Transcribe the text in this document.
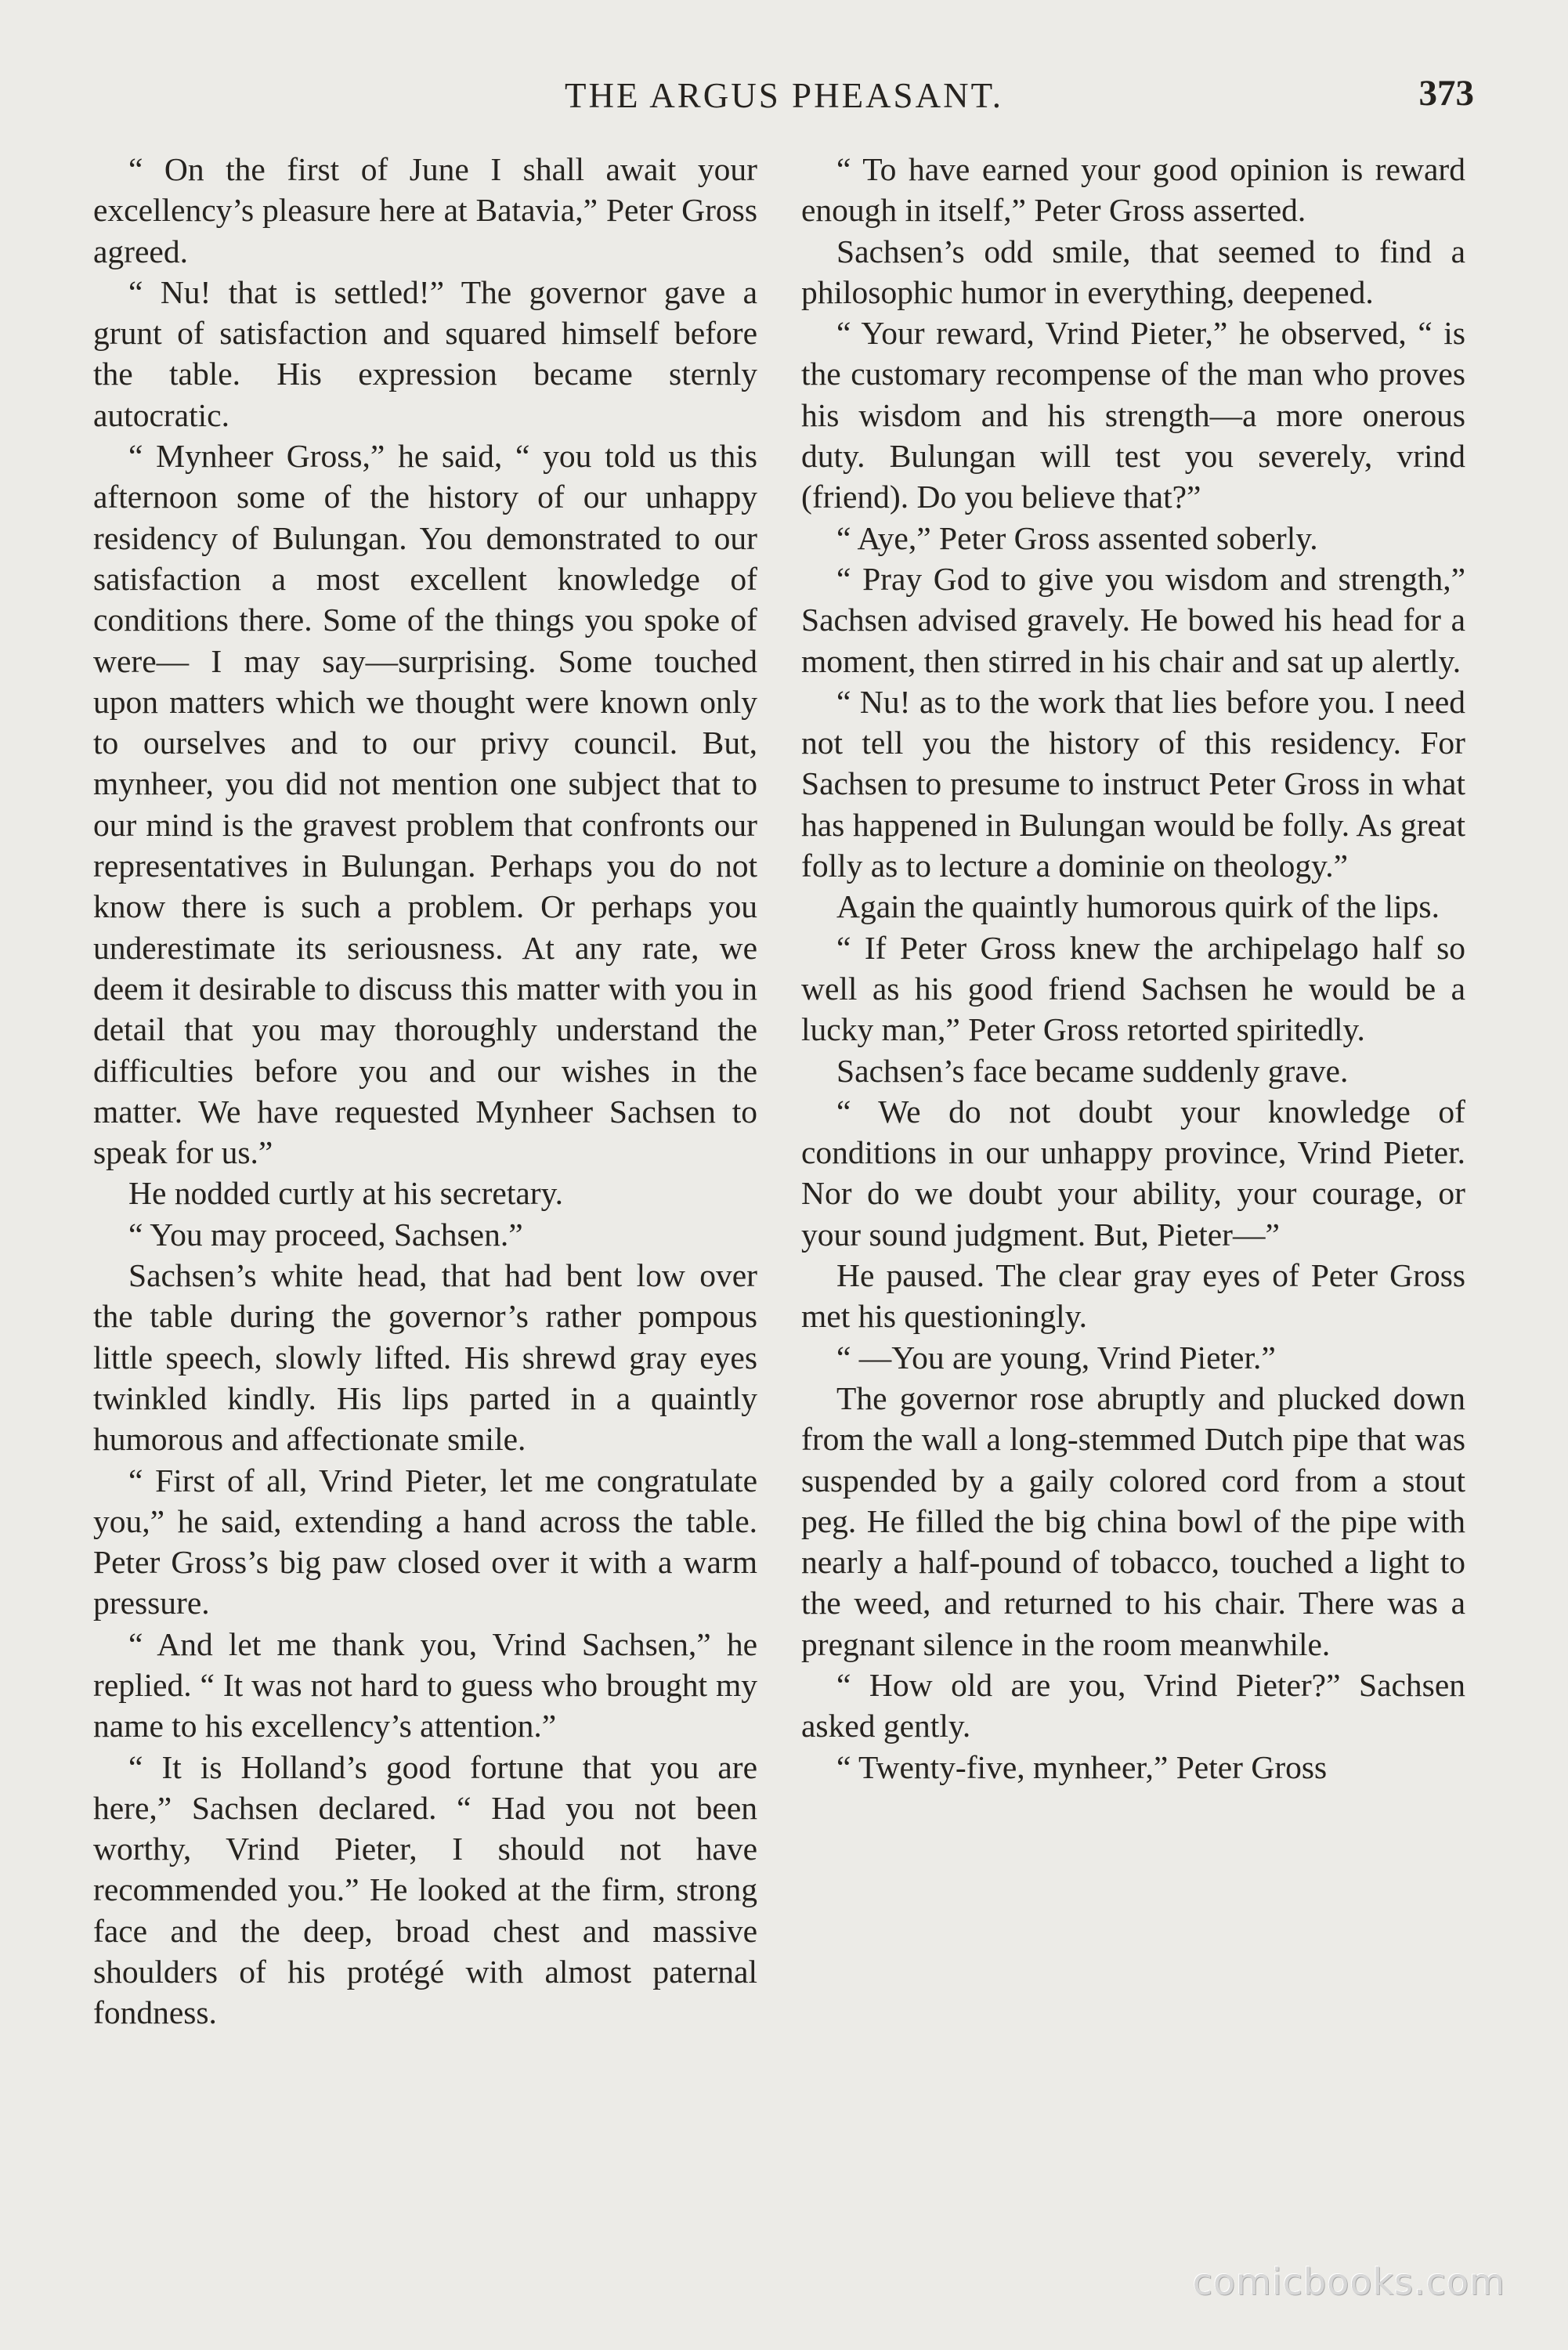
THE ARGUS PHEASANT.	373

“ On the first of June I shall await your excellency’s pleasure here at Batavia,” Peter Gross agreed.

“ Nu! that is settled!” The governor gave a grunt of satisfaction and squared himself before the table. His expression became sternly autocratic.

“ Mynheer Gross,” he said, “ you told us this afternoon some of the history of our unhappy residency of Bulungan. You demonstrated to our satisfaction a most excellent knowledge of conditions there. Some of the things you spoke of were— I may say—surprising. Some touched upon matters which we thought were known only to ourselves and to our privy council. But, mynheer, you did not mention one subject that to our mind is the gravest problem that confronts our representatives in Bulungan. Perhaps you do not know there is such a problem. Or perhaps you underestimate its seriousness. At any rate, we deem it desirable to discuss this matter with you in detail that you may thoroughly understand the difficulties before you and our wishes in the matter. We have requested Mynheer Sachsen to speak for us.”

He nodded curtly at his secretary.

“ You may proceed, Sachsen.”

Sachsen’s white head, that had bent low over the table during the governor’s rather pompous little speech, slowly lifted. His shrewd gray eyes twinkled kindly. His lips parted in a quaintly humorous and affectionate smile.

“ First of all, Vrind Pieter, let me congratulate you,” he said, extending a hand across the table. Peter Gross’s big paw closed over it with a warm pressure.

“ And let me thank you, Vrind Sachsen,” he replied. “ It was not hard to guess who brought my name to his excellency’s attention.”

“ It is Holland’s good fortune that you are here,” Sachsen declared. “ Had you not been worthy, Vrind Pieter, I should not have recommended you.” He looked at the firm, strong face and the deep, broad chest and massive shoulders of his protégé with almost paternal fondness.

“ To have earned your good opinion is reward enough in itself,” Peter Gross asserted.

Sachsen’s odd smile, that seemed to find a philosophic humor in everything, deepened.

“ Your reward, Vrind Pieter,” he observed, “ is the customary recompense of the man who proves his wisdom and his strength—a more onerous duty. Bulungan will test you severely, vrind (friend). Do you believe that?”

“ Aye,” Peter Gross assented soberly.

“ Pray God to give you wisdom and strength,” Sachsen advised gravely. He bowed his head for a moment, then stirred in his chair and sat up alertly.

“ Nu! as to the work that lies before you. I need not tell you the history of this residency. For Sachsen to presume to instruct Peter Gross in what has happened in Bulungan would be folly. As great folly as to lecture a dominie on theology.”

Again the quaintly humorous quirk of the lips.

“ If Peter Gross knew the archipelago half so well as his good friend Sachsen he would be a lucky man,” Peter Gross retorted spiritedly.

Sachsen’s face became suddenly grave.

“ We do not doubt your knowledge of conditions in our unhappy province, Vrind Pieter. Nor do we doubt your ability, your courage, or your sound judgment. But, Pieter—”

He paused. The clear gray eyes of Peter Gross met his questioningly.

“ —You are young, Vrind Pieter.”

The governor rose abruptly and plucked down from the wall a long-stemmed Dutch pipe that was suspended by a gaily colored cord from a stout peg. He filled the big china bowl of the pipe with nearly a half-pound of tobacco, touched a light to the weed, and returned to his chair. There was a pregnant silence in the room meanwhile.

“ How old are you, Vrind Pieter?” Sachsen asked gently.

“ Twenty-five, mynheer,” Peter Gross

comicbooks.com
